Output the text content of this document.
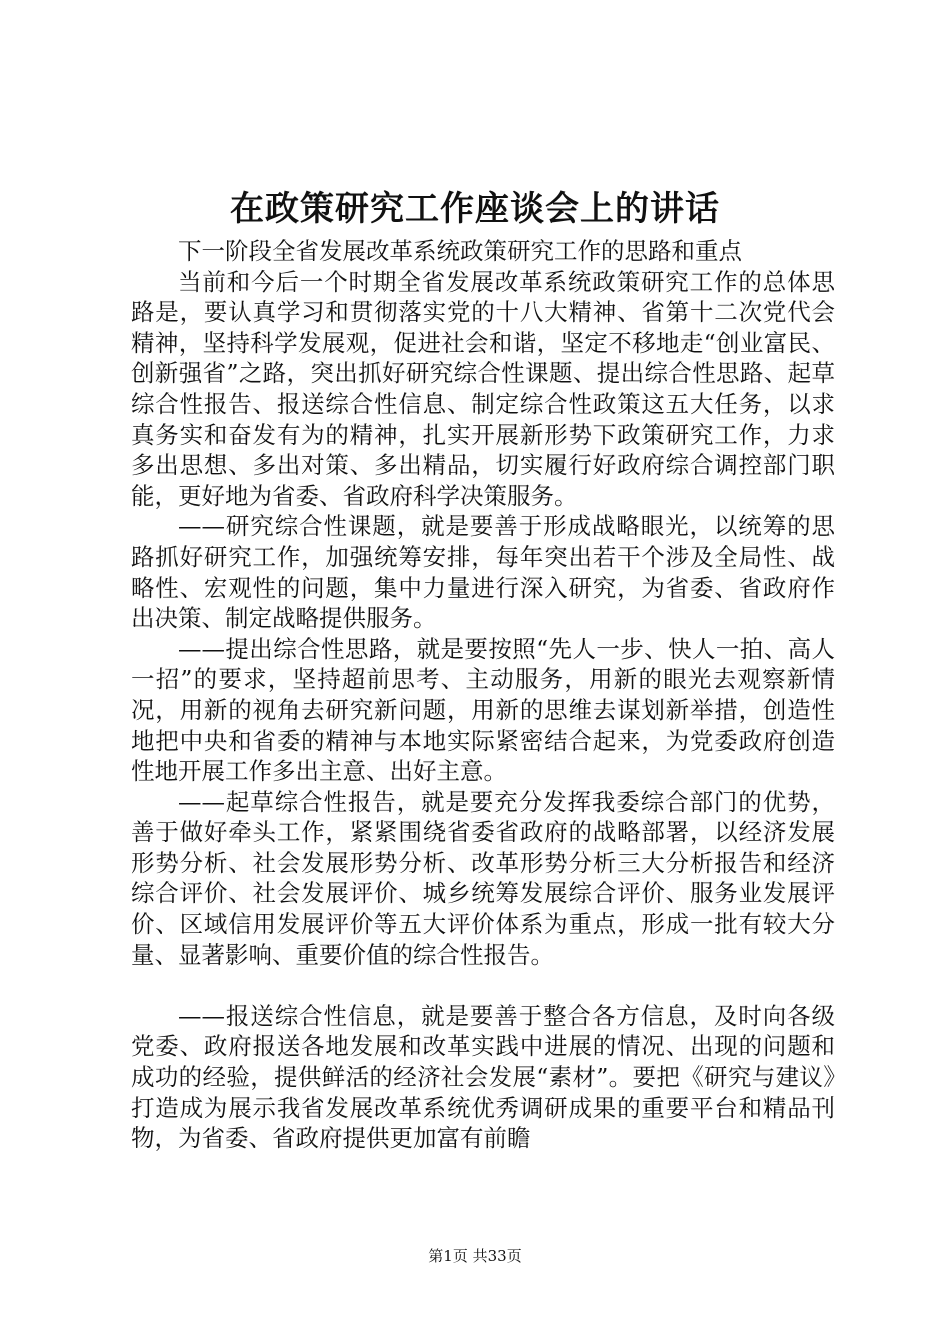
在政策研究工作座谈会上的讲话

下一阶段全省发展改革系统政策研究工作的思路和重点

当前和今后一个时期全省发展改革系统政策研究工作的总体思路是，要认真学习和贯彻落实党的十八大精神、省第十二次党代会精神，坚持科学发展观，促进社会和谐，坚定不移地走“创业富民、创新强省”之路，突出抓好研究综合性课题、提出综合性思路、起草综合性报告、报送综合性信息、制定综合性政策这五大任务，以求真务实和奋发有为的精神，扎实开展新形势下政策研究工作，力求多出思想、多出对策、多出精品，切实履行好政府综合调控部门职能，更好地为省委、省政府科学决策服务。

——研究综合性课题，就是要善于形成战略眼光，以统筹的思路抓好研究工作，加强统筹安排，每年突出若干个涉及全局性、战略性、宏观性的问题，集中力量进行深入研究，为省委、省政府作出决策、制定战略提供服务。

——提出综合性思路，就是要按照“先人一步、快人一拍、高人一招”的要求，坚持超前思考、主动服务，用新的眼光去观察新情况，用新的视角去研究新问题，用新的思维去谋划新举措，创造性地把中央和省委的精神与本地实际紧密结合起来，为党委政府创造性地开展工作多出主意、出好主意。

——起草综合性报告，就是要充分发挥我委综合部门的优势，善于做好牵头工作，紧紧围绕省委省政府的战略部署，以经济发展形势分析、社会发展形势分析、改革形势分析三大分析报告和经济综合评价、社会发展评价、城乡统筹发展综合评价、服务业发展评价、区域信用发展评价等五大评价体系为重点，形成一批有较大分量、显著影响、重要价值的综合性报告。

——报送综合性信息，就是要善于整合各方信息，及时向各级党委、政府报送各地发展和改革实践中进展的情况、出现的问题和成功的经验，提供鲜活的经济社会发展“素材”。要把《研究与建议》打造成为展示我省发展改革系统优秀调研成果的重要平台和精品刊物，为省委、省政府提供更加富有前瞻

第1页 共33页
